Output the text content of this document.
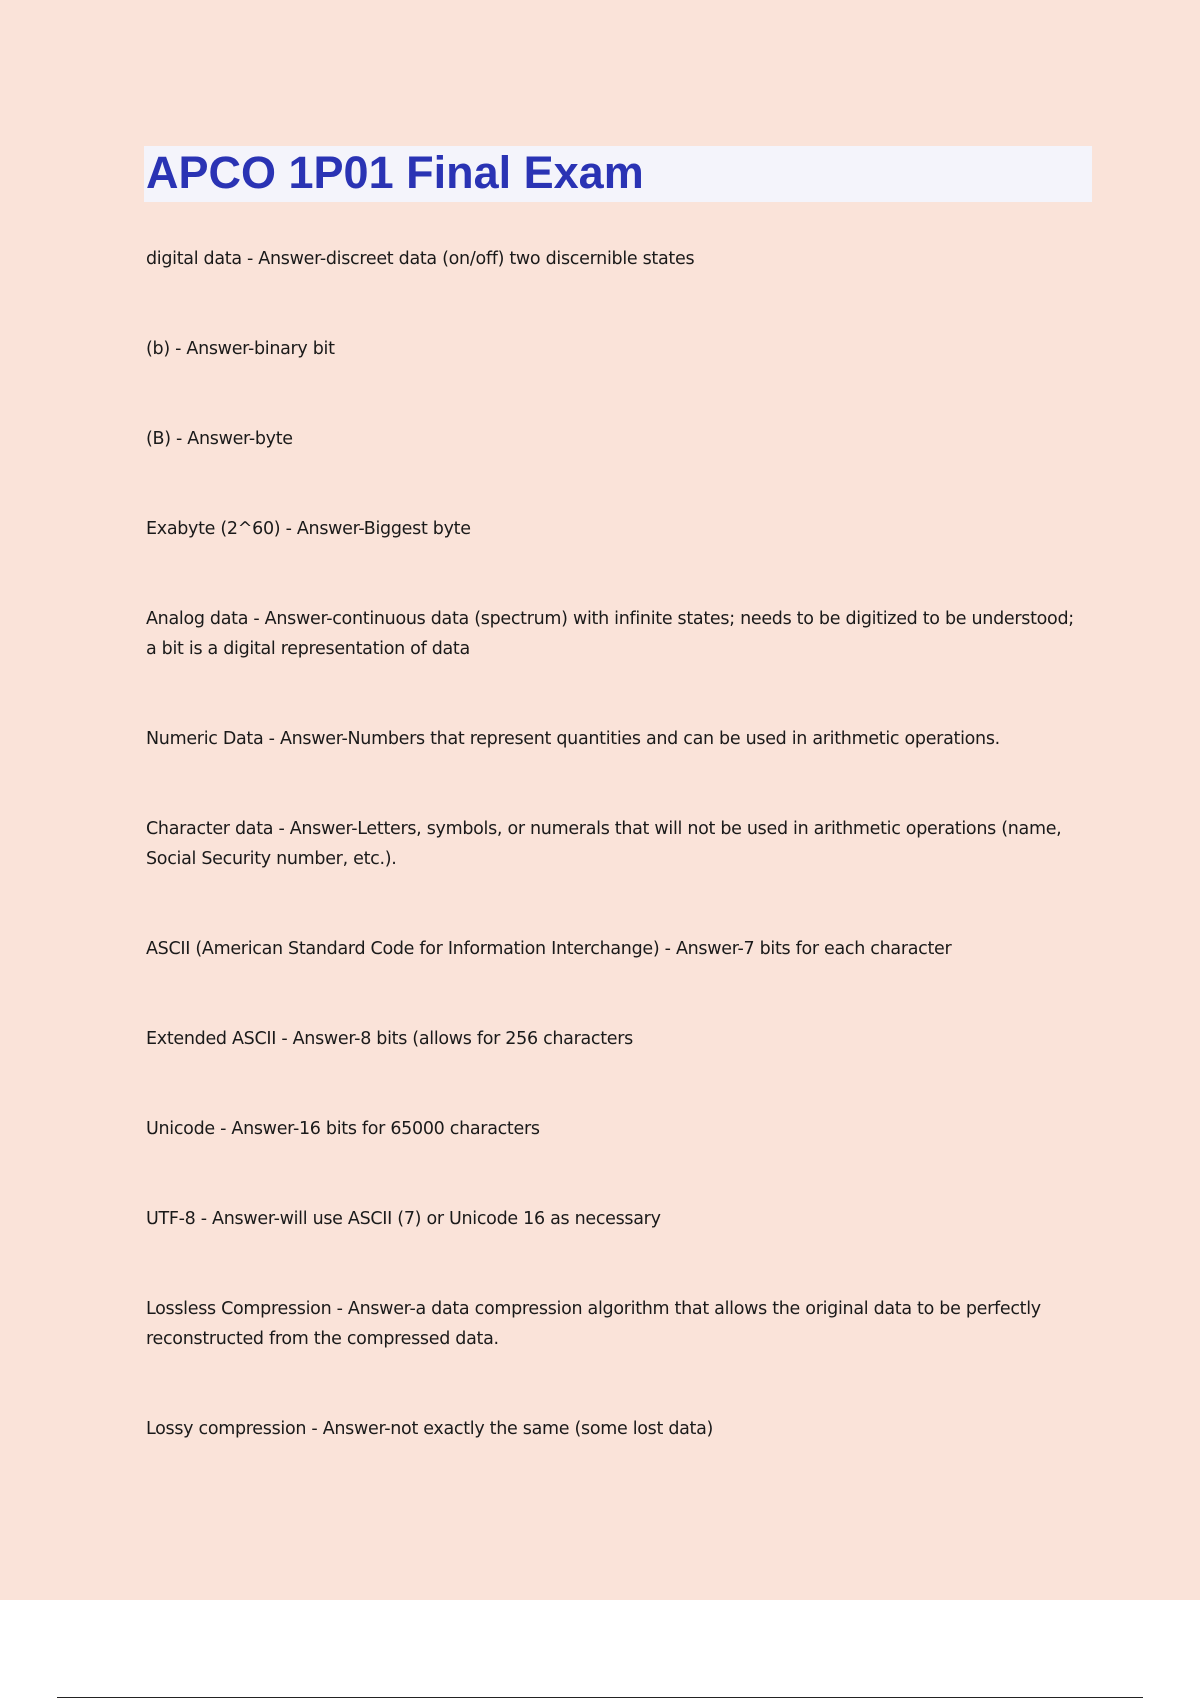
APCO 1P01 Final Exam
digital data - Answer-discreet data (on/off) two discernible states
(b) - Answer-binary bit
(B) - Answer-byte
Exabyte (2^60) - Answer-Biggest byte
Analog data - Answer-continuous data (spectrum) with infinite states; needs to be digitized to be understood; a bit is a digital representation of data
Numeric Data - Answer-Numbers that represent quantities and can be used in arithmetic operations.
Character data - Answer-Letters, symbols, or numerals that will not be used in arithmetic operations (name, Social Security number, etc.).
ASCII (American Standard Code for Information Interchange) - Answer-7 bits for each character
Extended ASCII - Answer-8 bits (allows for 256 characters
Unicode - Answer-16 bits for 65000 characters
UTF-8 - Answer-will use ASCII (7) or Unicode 16 as necessary
Lossless Compression - Answer-a data compression algorithm that allows the original data to be perfectly reconstructed from the compressed data.
Lossy compression - Answer-not exactly the same (some lost data)
